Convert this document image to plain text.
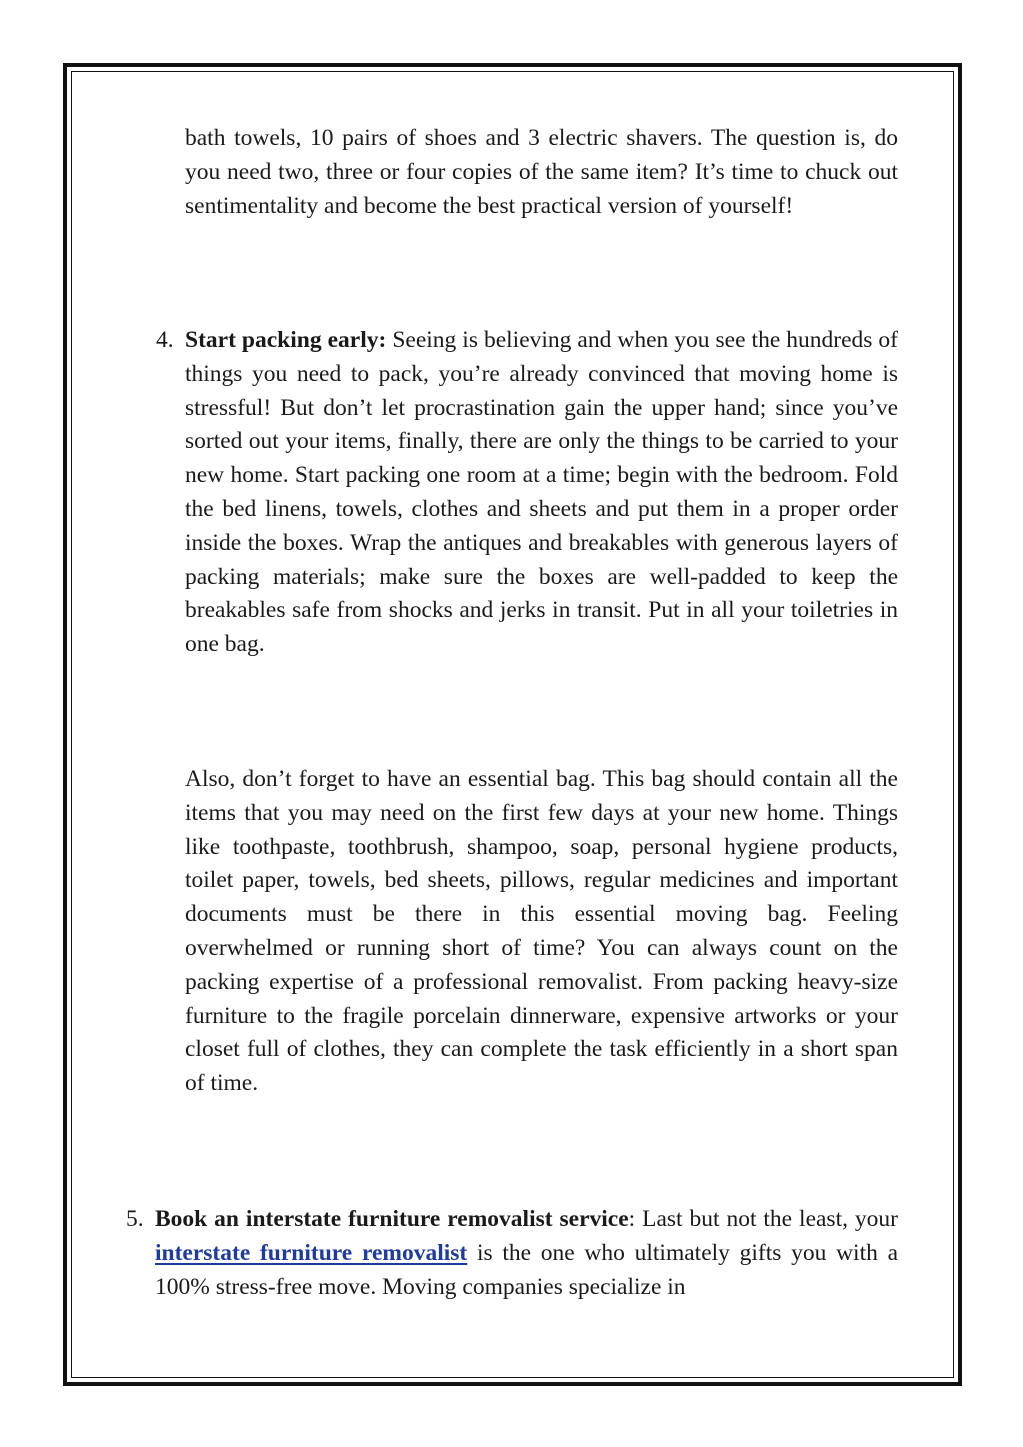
bath towels, 10 pairs of shoes and 3 electric shavers. The question is, do you need two, three or four copies of the same item? It’s time to chuck out sentimentality and become the best practical version of yourself!

4. Start packing early: Seeing is believing and when you see the hundreds of things you need to pack, you’re already convinced that moving home is stressful! But don’t let procrastination gain the upper hand; since you’ve sorted out your items, finally, there are only the things to be carried to your new home. Start packing one room at a time; begin with the bedroom. Fold the bed linens, towels, clothes and sheets and put them in a proper order inside the boxes. Wrap the antiques and breakables with generous layers of packing materials; make sure the boxes are well-padded to keep the breakables safe from shocks and jerks in transit. Put in all your toiletries in one bag.

Also, don’t forget to have an essential bag. This bag should contain all the items that you may need on the first few days at your new home. Things like toothpaste, toothbrush, shampoo, soap, personal hygiene products, toilet paper, towels, bed sheets, pillows, regular medicines and important documents must be there in this essential moving bag. Feeling overwhelmed or running short of time? You can always count on the packing expertise of a professional removalist. From packing heavy-size furniture to the fragile porcelain dinnerware, expensive artworks or your closet full of clothes, they can complete the task efficiently in a short span of time.

5. Book an interstate furniture removalist service: Last but not the least, your interstate furniture removalist is the one who ultimately gifts you with a 100% stress-free move. Moving companies specialize in
